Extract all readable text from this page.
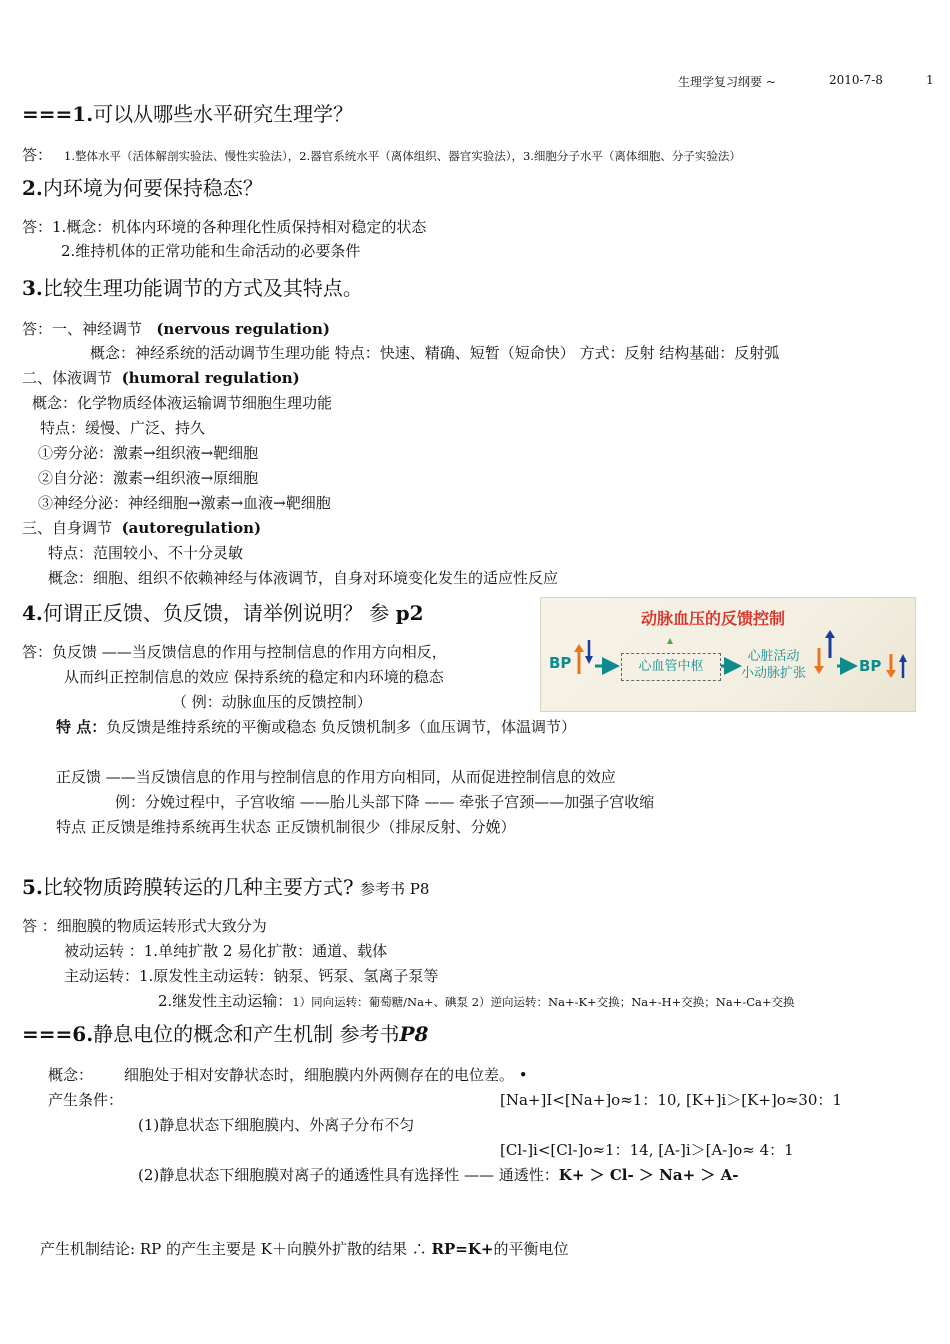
生理学复习纲要 ~	2010-7-8	1
===1.可以从哪些水平研究生理学？
答： 1.整体水平（活体解剖实验法、慢性实验法），2.器官系统水平（离体组织、器官实验法），3.细胞分子水平（离体细胞、分子实验法）
2.内环境为何要保持稳态？
答：1.概念：机体内环境的各种理化性质保持相对稳定的状态
2.维持机体的正常功能和生命活动的必要条件
3.比较生理功能调节的方式及其特点。
答：一、神经调节 (nervous regulation)
概念：神经系统的活动调节生理功能 特点：快速、精确、短暂（短命快） 方式：反射 结构基础：反射弧
二、体液调节 (humoral regulation)
概念：化学物质经体液运输调节细胞生理功能
特点：缓慢、广泛、持久
①旁分泌：激素→组织液→靶细胞
②自分泌：激素→组织液→原细胞
③神经分泌：神经细胞→激素→血液→靶细胞
三、自身调节 (autoregulation)
特点：范围较小、不十分灵敏
概念：细胞、组织不依赖神经与体液调节，自身对环境变化发生的适应性反应
4.何谓正反馈、负反馈，请举例说明？ 参 p2
答：负反馈 ——当反馈信息的作用与控制信息的作用方向相反，
从而纠正控制信息的效应 保持系统的稳定和内环境的稳态
（ 例：动脉血压的反馈控制）
特 点：负反馈是维持系统的平衡或稳态 负反馈机制多（血压调节，体温调节）
正反馈 ——当反馈信息的作用与控制信息的作用方向相同，从而促进控制信息的效应
例：分娩过程中，子宫收缩 ——胎儿头部下降 —— 牵张子宫颈——加强子宫收缩
特点 正反馈是维持系统再生状态 正反馈机制很少（排尿反射、分娩）
动脉血压的反馈控制
BP	心血管中枢
心脏活动
小动脉扩张	BP
5.比较物质跨膜转运的几种主要方式? 参考书 P8
答 ：细胞膜的物质运转形式大致分为
被动运转 ：1.单纯扩散 2 易化扩散：通道、载体
主动运转：1.原发性主动运转：钠泵、钙泵、氢离子泵等
2.继发性主动运输：1）同向运转：葡萄糖/Na+、碘泵 2）逆向运转：Na+-K+交换；Na+-H+交换；Na+-Ca+交换
===6.静息电位的概念和产生机制 参考书P8
概念： 细胞处于相对安静状态时，细胞膜内外两侧存在的电位差。 •
产生条件：	[Na+]I<[Na+]o≈1：10, [K+]i＞[K+]o≈30：1
(1)静息状态下细胞膜内、外离子分布不匀
[Cl-]i<[Cl-]o≈1：14, [A-]i＞[A-]o≈ 4：1
(2)静息状态下细胞膜对离子的通透性具有选择性 —— 通透性：K+ ＞ Cl- ＞ Na+ ＞ A-
产生机制结论: RP 的产生主要是 K＋向膜外扩散的结果 ∴ RP=K+的平衡电位
